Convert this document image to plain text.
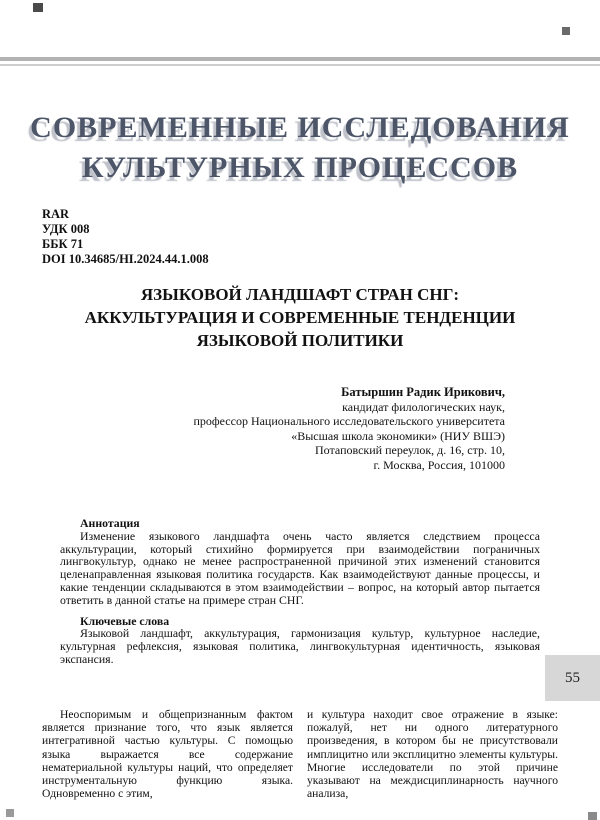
СОВРЕМЕННЫЕ ИССЛЕДОВАНИЯ
КУЛЬТУРНЫХ ПРОЦЕССОВ
RAR
УДК 008
ББК 71
DOI 10.34685/HI.2024.44.1.008
ЯЗЫКОВОЙ ЛАНДШАФТ СТРАН СНГ:
АККУЛЬТУРАЦИЯ И СОВРЕМЕННЫЕ ТЕНДЕНЦИИ
ЯЗЫКОВОЙ ПОЛИТИКИ
Батыршин Радик Ирикович,
кандидат филологических наук,
профессор Национального исследовательского университета
«Высшая школа экономики» (НИУ ВШЭ)
Потаповский переулок, д. 16, стр. 10,
г. Москва, Россия, 101000
Аннотация

Изменение языкового ландшафта очень часто является следствием процесса аккультурации, который стихийно формируется при взаимодействии пограничных лингвокультур, однако не менее распространенной причиной этих изменений становится целенаправленная языковая политика государств. Как взаимодействуют данные процессы, и какие тенденции складываются в этом взаимодействии – вопрос, на который автор пытается ответить в данной статье на примере стран СНГ.

Ключевые слова

Языковой ландшафт, аккультурация, гармонизация культур, культурное наследие, культурная рефлексия, языковая политика, лингвокультурная идентичность, языковая экспансия.

55

Неоспоримым и общепризнанным фактом является признание того, что язык является интегративной частью культуры. С помощью языка выражается все содержание нематериальной культуры наций, что определяет инструментальную функцию языка. Одновременно с этим,

и культура находит свое отражение в языке: пожалуй, нет ни одного литературного произведения, в котором бы не присутствовали имплицитно или эксплицитно элементы культуры. Многие исследователи по этой причине указывают на междисциплинарность научного анализа,
